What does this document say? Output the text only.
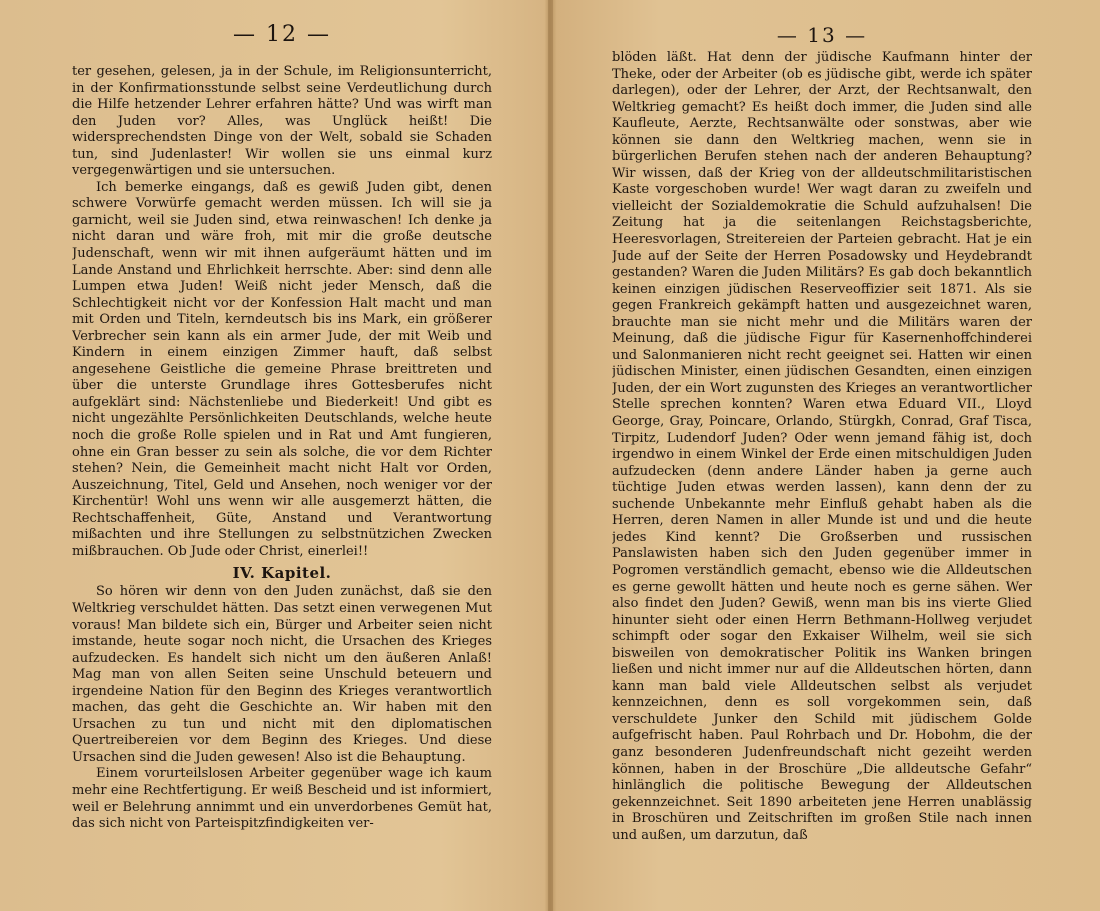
— 12 —

ter gesehen, gelesen, ja in der Schule, im Religionsunterricht, in der Konfirmationsstunde selbst seine Verdeutlichung durch die Hilfe hetzender Lehrer erfahren hätte? Und was wirft man den Juden vor? Alles, was Unglück heißt! Die widersprechendsten Dinge von der Welt, sobald sie Schaden tun, sind Judenlaster! Wir wollen sie uns einmal kurz vergegenwärtigen und sie untersuchen.

Ich bemerke eingangs, daß es gewiß Juden gibt, denen schwere Vorwürfe gemacht werden müssen. Ich will sie ja garnicht, weil sie Juden sind, etwa reinwaschen! Ich denke ja nicht daran und wäre froh, mit mir die große deutsche Judenschaft, wenn wir mit ihnen aufgeräumt hätten und im Lande Anstand und Ehrlichkeit herrschte. Aber: sind denn alle Lumpen etwa Juden! Weiß nicht jeder Mensch, daß die Schlechtigkeit nicht vor der Konfession Halt macht und man mit Orden und Titeln, kerndeutsch bis ins Mark, ein größerer Verbrecher sein kann als ein armer Jude, der mit Weib und Kindern in einem einzigen Zimmer hauft, daß selbst angesehene Geistliche die gemeine Phrase breittreten und über die unterste Grundlage ihres Gottesberufes nicht aufgeklärt sind: Nächstenliebe und Biederkeit! Und gibt es nicht ungezählte Persönlichkeiten Deutschlands, welche heute noch die große Rolle spielen und in Rat und Amt fungieren, ohne ein Gran besser zu sein als solche, die vor dem Richter stehen? Nein, die Gemeinheit macht nicht Halt vor Orden, Auszeichnung, Titel, Geld und Ansehen, noch weniger vor der Kirchentür! Wohl uns wenn wir alle ausgemerzt hätten, die Rechtschaffenheit, Güte, Anstand und Verantwortung mißachten und ihre Stellungen zu selbstnützichen Zwecken mißbrauchen. Ob Jude oder Christ, einerlei!!

IV. Kapitel.

So hören wir denn von den Juden zunächst, daß sie den Weltkrieg verschuldet hätten. Das setzt einen verwegenen Mut voraus! Man bildete sich ein, Bürger und Arbeiter seien nicht imstande, heute sogar noch nicht, die Ursachen des Krieges aufzudecken. Es handelt sich nicht um den äußeren Anlaß! Mag man von allen Seiten seine Unschuld beteuern und irgendeine Nation für den Beginn des Krieges verantwortlich machen, das geht die Geschichte an. Wir haben mit den Ursachen zu tun und nicht mit den diplomatischen Quertreibereien vor dem Beginn des Krieges. Und diese Ursachen sind die Juden gewesen! Also ist die Behauptung.

Einem vorurteilslosen Arbeiter gegenüber wage ich kaum mehr eine Rechtfertigung. Er weiß Bescheid und ist informiert, weil er Belehrung annimmt und ein unverdorbenes Gemüt hat, das sich nicht von Parteispitzfindigkeiten ver-

— 13 —

blöden läßt. Hat denn der jüdische Kaufmann hinter der Theke, oder der Arbeiter (ob es jüdische gibt, werde ich später darlegen), oder der Lehrer, der Arzt, der Rechtsanwalt, den Weltkrieg gemacht? Es heißt doch immer, die Juden sind alle Kaufleute, Aerzte, Rechtsanwälte oder sonstwas, aber wie können sie dann den Weltkrieg machen, wenn sie in bürgerlichen Berufen stehen nach der anderen Behauptung? Wir wissen, daß der Krieg von der alldeutschmilitaristischen Kaste vorgeschoben wurde! Wer wagt daran zu zweifeln und vielleicht der Sozialdemokratie die Schuld aufzuhalsen! Die Zeitung hat ja die seitenlangen Reichstagsberichte, Heeresvorlagen, Streitereien der Parteien gebracht. Hat je ein Jude auf der Seite der Herren Posadowsky und Heydebrandt gestanden? Waren die Juden Militärs? Es gab doch bekanntlich keinen einzigen jüdischen Reserveoffizier seit 1871. Als sie gegen Frankreich gekämpft hatten und ausgezeichnet waren, brauchte man sie nicht mehr und die Militärs waren der Meinung, daß die jüdische Figur für Kasernenhoffchinderei und Salonmanieren nicht recht geeignet sei. Hatten wir einen jüdischen Minister, einen jüdischen Gesandten, einen einzigen Juden, der ein Wort zugunsten des Krieges an verantwortlicher Stelle sprechen konnten? Waren etwa Eduard VII., Lloyd George, Gray, Poincare, Orlando, Stürgkh, Conrad, Graf Tisca, Tirpitz, Ludendorf Juden? Oder wenn jemand fähig ist, doch irgendwo in einem Winkel der Erde einen mitschuldigen Juden aufzudecken (denn andere Länder haben ja gerne auch tüchtige Juden etwas werden lassen), kann denn der zu suchende Unbekannte mehr Einfluß gehabt haben als die Herren, deren Namen in aller Munde ist und und die heute jedes Kind kennt? Die Großserben und russischen Panslawisten haben sich den Juden gegenüber immer in Pogromen verständlich gemacht, ebenso wie die Alldeutschen es gerne gewollt hätten und heute noch es gerne sähen. Wer also findet den Juden? Gewiß, wenn man bis ins vierte Glied hinunter sieht oder einen Herrn Bethmann-Hollweg verjudet schimpft oder sogar den Exkaiser Wilhelm, weil sie sich bisweilen von demokratischer Politik ins Wanken bringen ließen und nicht immer nur auf die Alldeutschen hörten, dann kann man bald viele Alldeutschen selbst als verjudet kennzeichnen, denn es soll vorgekommen sein, daß verschuldete Junker den Schild mit jüdischem Golde aufgefrischt haben. Paul Rohrbach und Dr. Hobohm, die der ganz besonderen Judenfreundschaft nicht gezeiht werden können, haben in der Broschüre „Die alldeutsche Gefahr“ hinlänglich die politische Bewegung der Alldeutschen gekennzeichnet. Seit 1890 arbeiteten jene Herren unablässig in Broschüren und Zeitschriften im großen Stile nach innen und außen, um darzutun, daß
